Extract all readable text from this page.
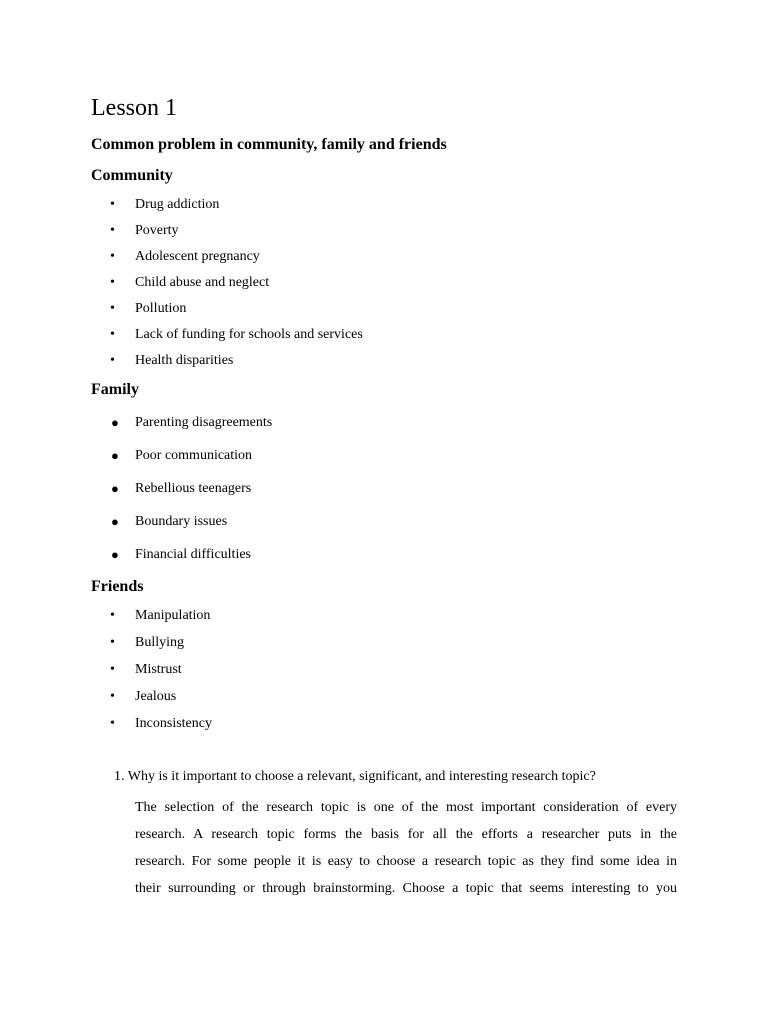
Lesson 1
Common problem in community, family and friends
Community
• Drug addiction
• Poverty
• Adolescent pregnancy
• Child abuse and neglect
• Pollution
• Lack of funding for schools and services
• Health disparities
Family
● Parenting disagreements
● Poor communication
● Rebellious teenagers
● Boundary issues
● Financial difficulties
Friends
• Manipulation
• Bullying
• Mistrust
• Jealous
• Inconsistency
1. Why is it important to choose a relevant, significant, and interesting research topic?
The selection of the research topic is one of the most important consideration of every
research. A research topic forms the basis for all the efforts a researcher puts in the
research. For some people it is easy to choose a research topic as they find some idea in
their surrounding or through brainstorming. Choose a topic that seems interesting to you
